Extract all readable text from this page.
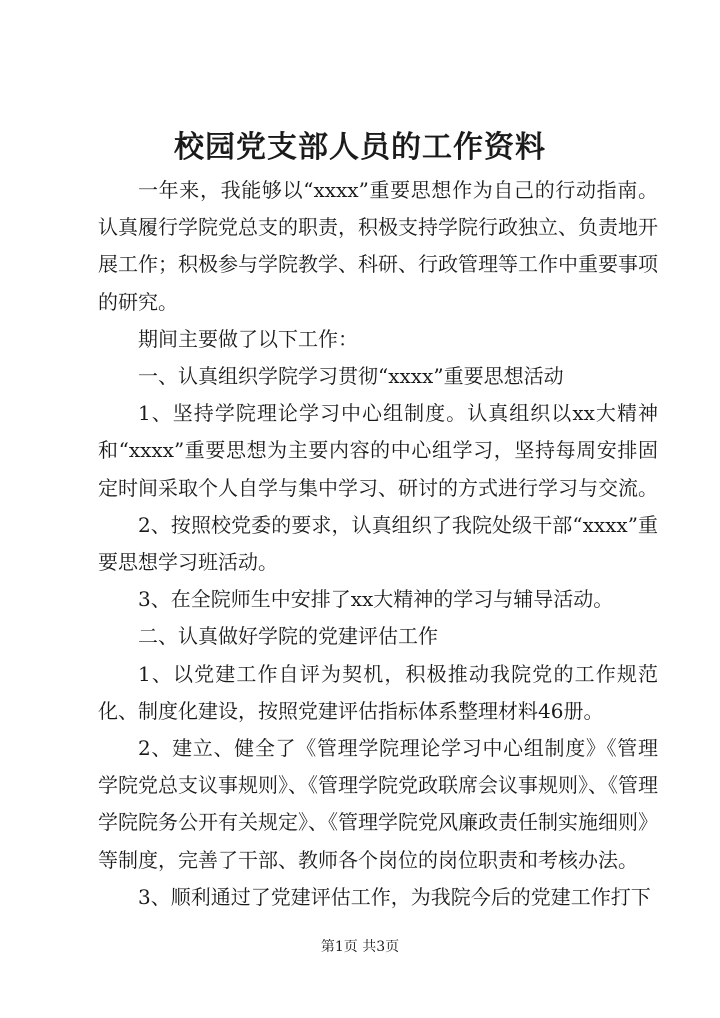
校园党支部人员的工作资料

一年来，我能够以“xxxx”重要思想作为自己的行动指南。认真履行学院党总支的职责，积极支持学院行政独立、负责地开展工作；积极参与学院教学、科研、行政管理等工作中重要事项的研究。

期间主要做了以下工作：

一、认真组织学院学习贯彻“xxxx”重要思想活动

1、坚持学院理论学习中心组制度。认真组织以xx大精神和“xxxx”重要思想为主要内容的中心组学习，坚持每周安排固定时间采取个人自学与集中学习、研讨的方式进行学习与交流。

2、按照校党委的要求，认真组织了我院处级干部“xxxx”重要思想学习班活动。

3、在全院师生中安排了xx大精神的学习与辅导活动。

二、认真做好学院的党建评估工作

1、以党建工作自评为契机，积极推动我院党的工作规范化、制度化建设，按照党建评估指标体系整理材料46册。

2、建立、健全了《管理学院理论学习中心组制度》《管理学院党总支议事规则》、《管理学院党政联席会议事规则》、《管理学院院务公开有关规定》、《管理学院党风廉政责任制实施细则》等制度，完善了干部、教师各个岗位的岗位职责和考核办法。

3、顺利通过了党建评估工作，为我院今后的党建工作打下

第1页 共3页
